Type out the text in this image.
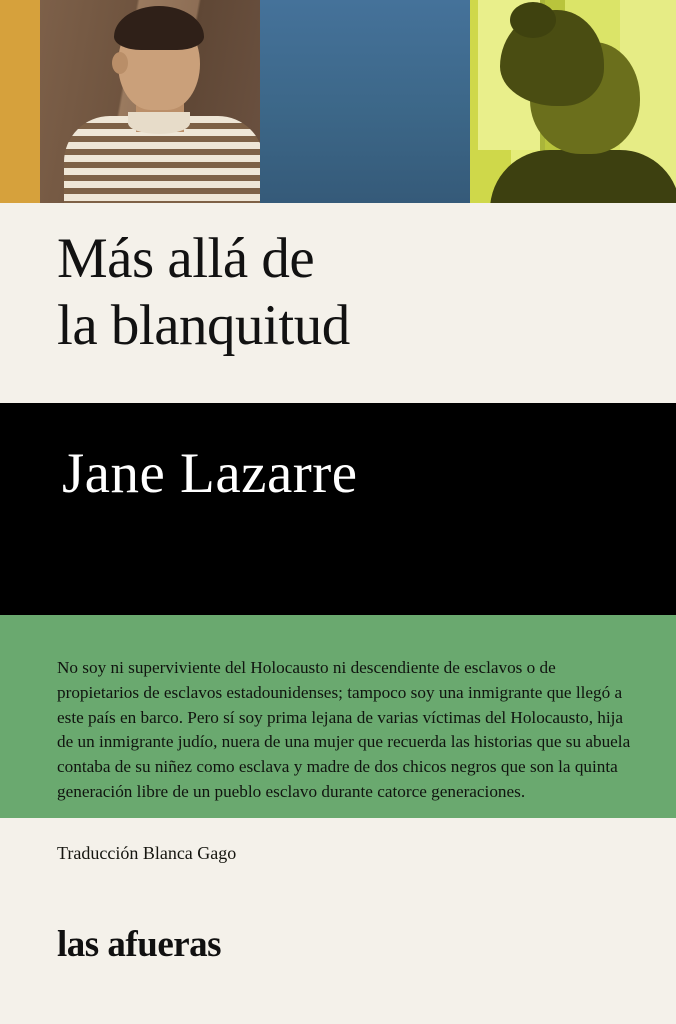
Más allá de
la blanquitud
Jane Lazarre

No soy ni superviviente del Holocausto ni descendiente de esclavos o de propietarios de esclavos estadounidenses; tampoco soy una inmigrante que llegó a este país en barco. Pero sí soy prima lejana de varias víctimas del Holocausto, hija de un inmigrante judío, nuera de una mujer que recuerda las historias que su abuela contaba de su niñez como esclava y madre de dos chicos negros que son la quinta generación libre de un pueblo esclavo durante catorce generaciones.

Traducción Blanca Gago
las afueras
